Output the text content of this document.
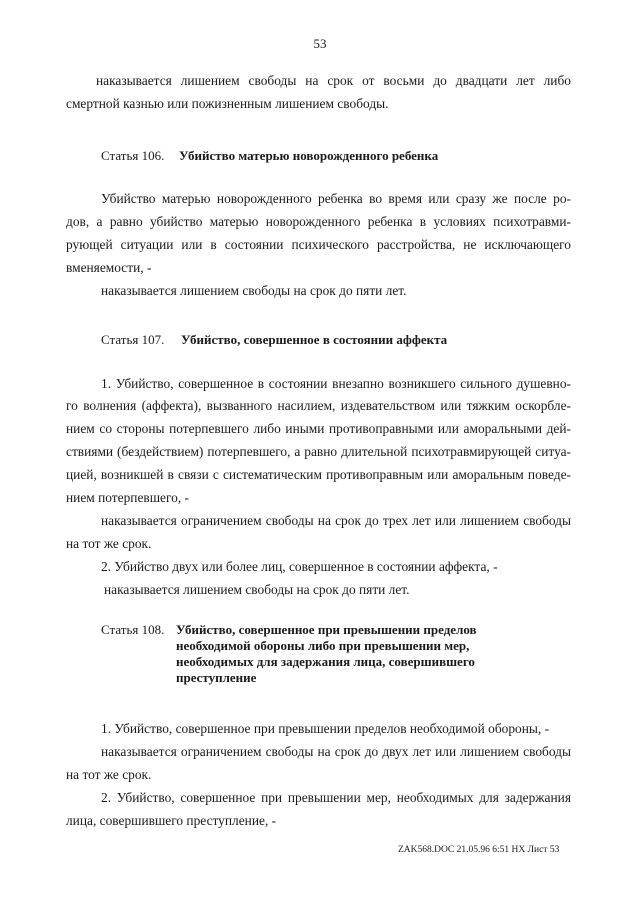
53
наказывается лишением свободы на срок от восьми до двадцати лет либо
смертной казнью или пожизненным лишением свободы.
Статья 106. Убийство матерью новорожденного ребенка
Убийство матерью новорожденного ребенка во время или сразу же после ро-
дов, а равно убийство матерью новорожденного ребенка в условиях психотравми-
рующей ситуации или в состоянии психического расстройства, не исключающего
вменяемости, -
наказывается лишением свободы на срок до пяти лет.
Статья 107. Убийство, совершенное в состоянии аффекта
1. Убийство, совершенное в состоянии внезапно возникшего сильного душевно-
го волнения (аффекта), вызванного насилием, издевательством или тяжким оскорбле-
нием со стороны потерпевшего либо иными противоправными или аморальными дей-
ствиями (бездействием) потерпевшего, а равно длительной психотравмирующей ситуа-
цией, возникшей в связи с систематическим противоправным или аморальным поведе-
нием потерпевшего, -
наказывается ограничением свободы на срок до трех лет или лишением свободы
на тот же срок.
2. Убийство двух или более лиц, совершенное в состоянии аффекта, -
наказывается лишением свободы на срок до пяти лет.
Статья 108. Убийство, совершенное при превышении пределов
необходимой обороны либо при превышении мер,
необходимых для задержания лица, совершившего
преступление
1. Убийство, совершенное при превышении пределов необходимой обороны, -
наказывается ограничением свободы на срок до двух лет или лишением свободы
на тот же срок.
2. Убийство, совершенное при превышении мер, необходимых для задержания
лица, совершившего преступление, -
ZAK568.DOC 21.05.96 6:51 НХ Лист 53
